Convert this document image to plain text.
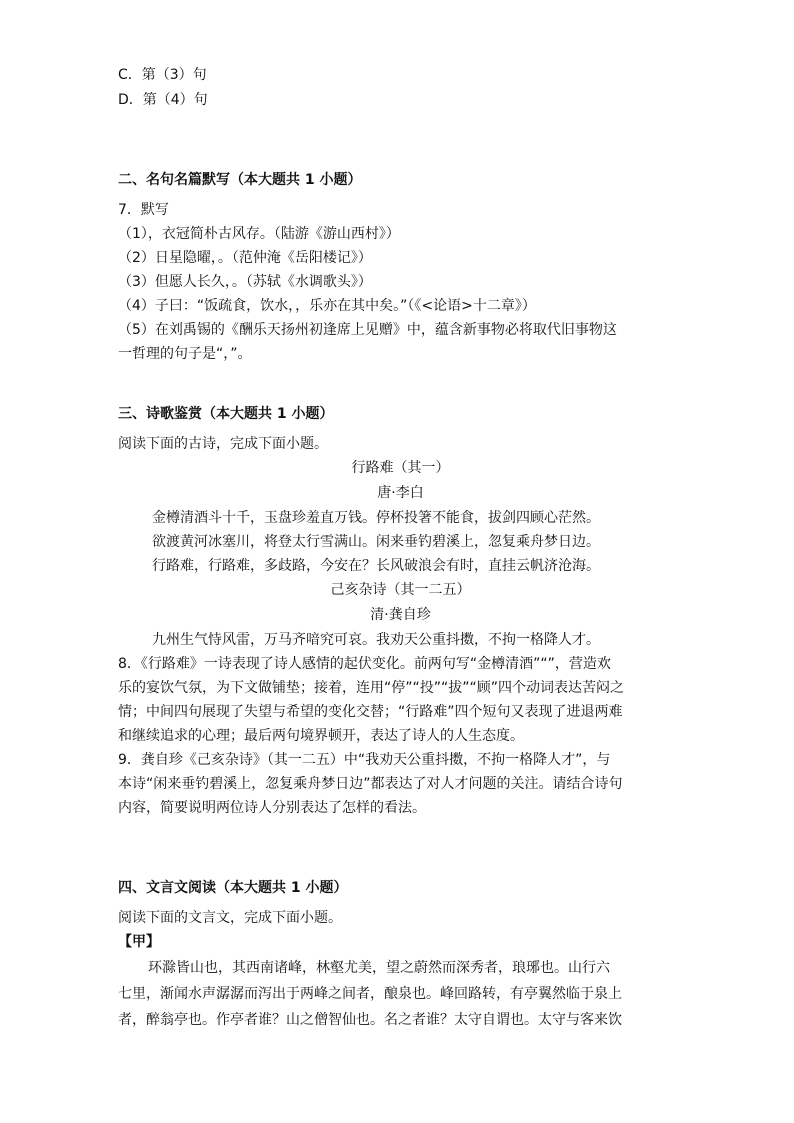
C．第（3）句
D．第（4）句
二、名句名篇默写（本大题共 1 小题）
7．默写
（1），衣冠简朴古风存。（陆游《游山西村》）
（2）日星隐曜，。（范仲淹《岳阳楼记》）
（3）但愿人长久，。（苏轼《水调歌头》）
（4）子曰：“饭疏食，饮水，，乐亦在其中矣。”（《<论语>十二章》）
（5）在刘禹锡的《酬乐天扬州初逢席上见赠》中，蕴含新事物必将取代旧事物这
一哲理的句子是“，”。
三、诗歌鉴赏（本大题共 1 小题）
阅读下面的古诗，完成下面小题。
行路难（其一）
唐·李白
金樽清酒斗十千，玉盘珍羞直万钱。停杯投箸不能食，拔剑四顾心茫然。
欲渡黄河冰塞川，将登太行雪满山。闲来垂钓碧溪上，忽复乘舟梦日边。
行路难，行路难，多歧路，今安在？长风破浪会有时，直挂云帆济沧海。
己亥杂诗（其一二五）
清·龚自珍
九州生气恃风雷，万马齐喑究可哀。我劝天公重抖擞，不拘一格降人才。
8．《行路难》一诗表现了诗人感情的起伏变化。前两句写“金樽清酒”“”，营造欢
乐的宴饮气氛，为下文做铺垫；接着，连用“停”“投”“拔”“顾”四个动词表达苦闷之
情；中间四句展现了失望与希望的变化交替；“行路难”四个短句又表现了进退两难
和继续追求的心理；最后两句境界顿开，表达了诗人的人生态度。
9．龚自珍《己亥杂诗》（其一二五）中“我劝天公重抖擞，不拘一格降人才”，与
本诗“闲来垂钓碧溪上，忽复乘舟梦日边”都表达了对人才问题的关注。请结合诗句
内容，简要说明两位诗人分别表达了怎样的看法。
四、文言文阅读（本大题共 1 小题）
阅读下面的文言文，完成下面小题。
【甲】
环滁皆山也，其西南诸峰，林壑尤美，望之蔚然而深秀者，琅琊也。山行六
七里，渐闻水声潺潺而泻出于两峰之间者，酿泉也。峰回路转，有亭翼然临于泉上
者，醉翁亭也。作亭者谁？山之僧智仙也。名之者谁？太守自谓也。太守与客来饮
